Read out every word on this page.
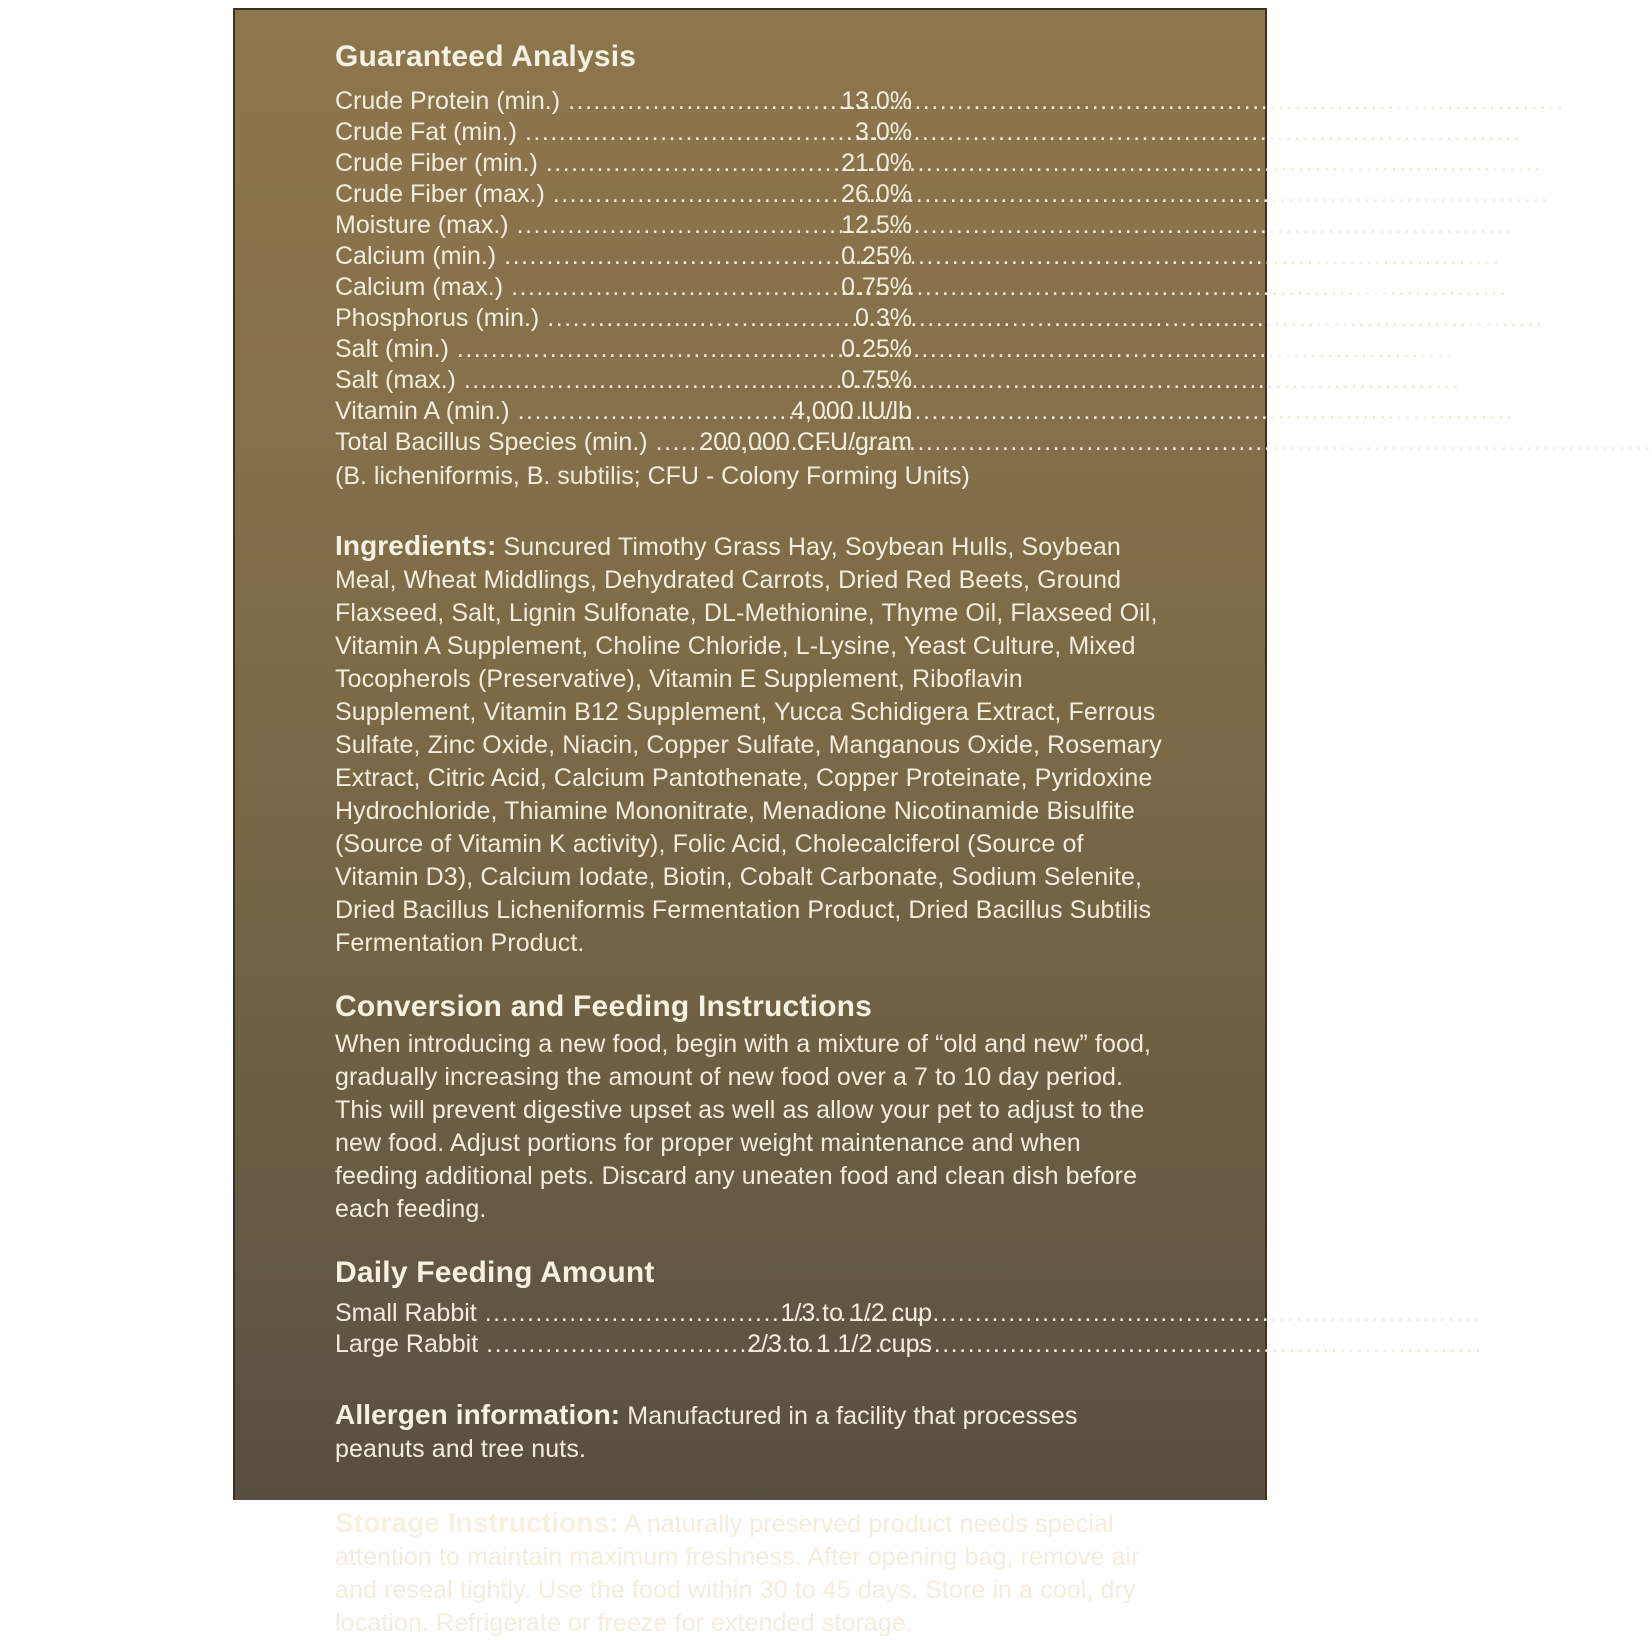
Guaranteed Analysis
Crude Protein (min.) .....	13.0%
Crude Fat (min.) .....	3.0%
Crude Fiber (min.) .....	21.0%
Crude Fiber (max.) .....	26.0%
Moisture (max.) .....	12.5%
Calcium (min.) .....	0.25%
Calcium (max.) .....	0.75%
Phosphorus (min.) .....	0.3%
Salt (min.) .....	0.25%
Salt (max.) .....	0.75%
Vitamin A (min.) .....	4,000 IU/lb
Total Bacillus Species (min.) ..... 200,000 CFU/gram
(B. licheniformis, B. subtilis; CFU - Colony Forming Units)

Ingredients: Suncured Timothy Grass Hay, Soybean Hulls, Soybean Meal, Wheat Middlings, Dehydrated Carrots, Dried Red Beets, Ground Flaxseed, Salt, Lignin Sulfonate, DL-Methionine, Thyme Oil, Flaxseed Oil, Vitamin A Supplement, Choline Chloride, L-Lysine, Yeast Culture, Mixed Tocopherols (Preservative), Vitamin E Supplement, Riboflavin Supplement, Vitamin B12 Supplement, Yucca Schidigera Extract, Ferrous Sulfate, Zinc Oxide, Niacin, Copper Sulfate, Manganous Oxide, Rosemary Extract, Citric Acid, Calcium Pantothenate, Copper Proteinate, Pyridoxine Hydrochloride, Thiamine Mononitrate, Menadione Nicotinamide Bisulfite (Source of Vitamin K activity), Folic Acid, Cholecalciferol (Source of Vitamin D3), Calcium Iodate, Biotin, Cobalt Carbonate, Sodium Selenite, Dried Bacillus Licheniformis Fermentation Product, Dried Bacillus Subtilis Fermentation Product.

Conversion and Feeding Instructions

When introducing a new food, begin with a mixture of “old and new” food, gradually increasing the amount of new food over a 7 to 10 day period. This will prevent digestive upset as well as allow your pet to adjust to the new food. Adjust portions for proper weight maintenance and when feeding additional pets. Discard any uneaten food and clean dish before each feeding.

Daily Feeding Amount
Small Rabbit .....	1/3 to 1/2 cup
Large Rabbit .....	2/3 to 1 1/2 cups

Allergen information: Manufactured in a facility that processes peanuts and tree nuts.

Storage Instructions: A naturally preserved product needs special attention to maintain maximum freshness. After opening bag, remove air and reseal tightly. Use the food within 30 to 45 days. Store in a cool, dry location. Refrigerate or freeze for extended storage.
